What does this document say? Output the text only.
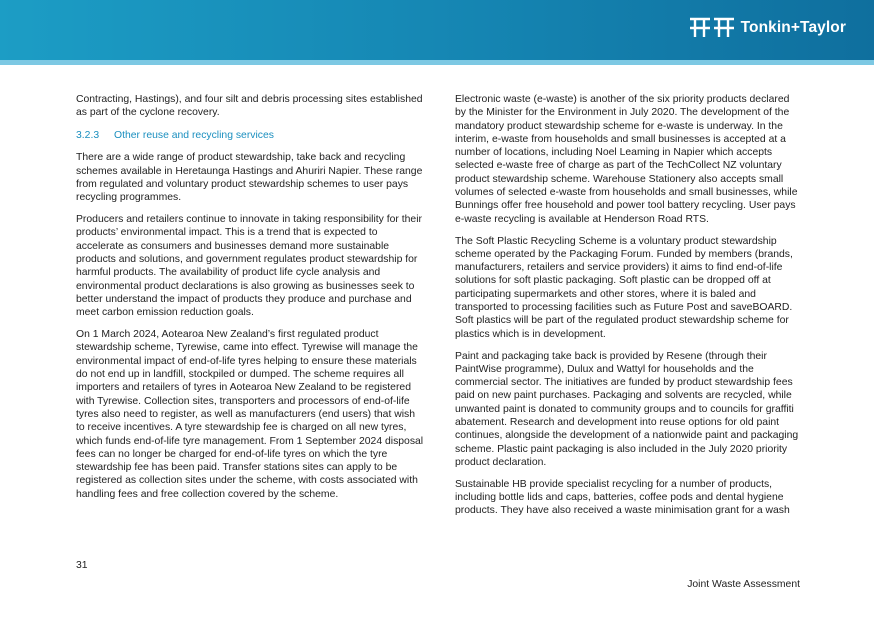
Tonkin+Taylor

Contracting, Hastings), and four silt and debris processing sites established as part of the cyclone recovery.

3.2.3 Other reuse and recycling services

There are a wide range of product stewardship, take back and recycling schemes available in Heretaunga Hastings and Ahuriri Napier. These range from regulated and voluntary product stewardship schemes to user pays recycling programmes.

Producers and retailers continue to innovate in taking responsibility for their products’ environmental impact. This is a trend that is expected to accelerate as consumers and businesses demand more sustainable products and solutions, and government regulates product stewardship for harmful products. The availability of product life cycle analysis and environmental product declarations is also growing as businesses seek to better understand the impact of products they produce and purchase and meet carbon emission reduction goals.

On 1 March 2024, Aotearoa New Zealand’s first regulated product stewardship scheme, Tyrewise, came into effect. Tyrewise will manage the environmental impact of end-of-life tyres helping to ensure these materials do not end up in landfill, stockpiled or dumped. The scheme requires all importers and retailers of tyres in Aotearoa New Zealand to be registered with Tyrewise. Collection sites, transporters and processors of end-of-life tyres also need to register, as well as manufacturers (end users) that wish to receive incentives. A tyre stewardship fee is charged on all new tyres, which funds end-of-life tyre management. From 1 September 2024 disposal fees can no longer be charged for end-of-life tyres on which the tyre stewardship fee has been paid. Transfer stations sites can apply to be registered as collection sites under the scheme, with costs associated with handling fees and free collection covered by the scheme.

Electronic waste (e-waste) is another of the six priority products declared by the Minister for the Environment in July 2020. The development of the mandatory product stewardship scheme for e-waste is underway. In the interim, e-waste from households and small businesses is accepted at a number of locations, including Noel Leaming in Napier which accepts selected e-waste free of charge as part of the TechCollect NZ voluntary product stewardship scheme. Warehouse Stationery also accepts small volumes of selected e-waste from households and small businesses, while Bunnings offer free household and power tool battery recycling. User pays e-waste recycling is available at Henderson Road RTS.

The Soft Plastic Recycling Scheme is a voluntary product stewardship scheme operated by the Packaging Forum. Funded by members (brands, manufacturers, retailers and service providers) it aims to find end-of-life solutions for soft plastic packaging. Soft plastic can be dropped off at participating supermarkets and other stores, where it is baled and transported to processing facilities such as Future Post and saveBOARD. Soft plastics will be part of the regulated product stewardship scheme for plastics which is in development.

Paint and packaging take back is provided by Resene (through their PaintWise programme), Dulux and Wattyl for households and the commercial sector. The initiatives are funded by product stewardship fees paid on new paint purchases. Packaging and solvents are recycled, while unwanted paint is donated to community groups and to councils for graffiti abatement. Research and development into reuse options for old paint continues, alongside the development of a nationwide paint and packaging scheme. Plastic paint packaging is also included in the July 2020 priority product declaration.

Sustainable HB provide specialist recycling for a number of products, including bottle lids and caps, batteries, coffee pods and dental hygiene products. They have also received a waste minimisation grant for a wash

31
Joint Waste Assessment
